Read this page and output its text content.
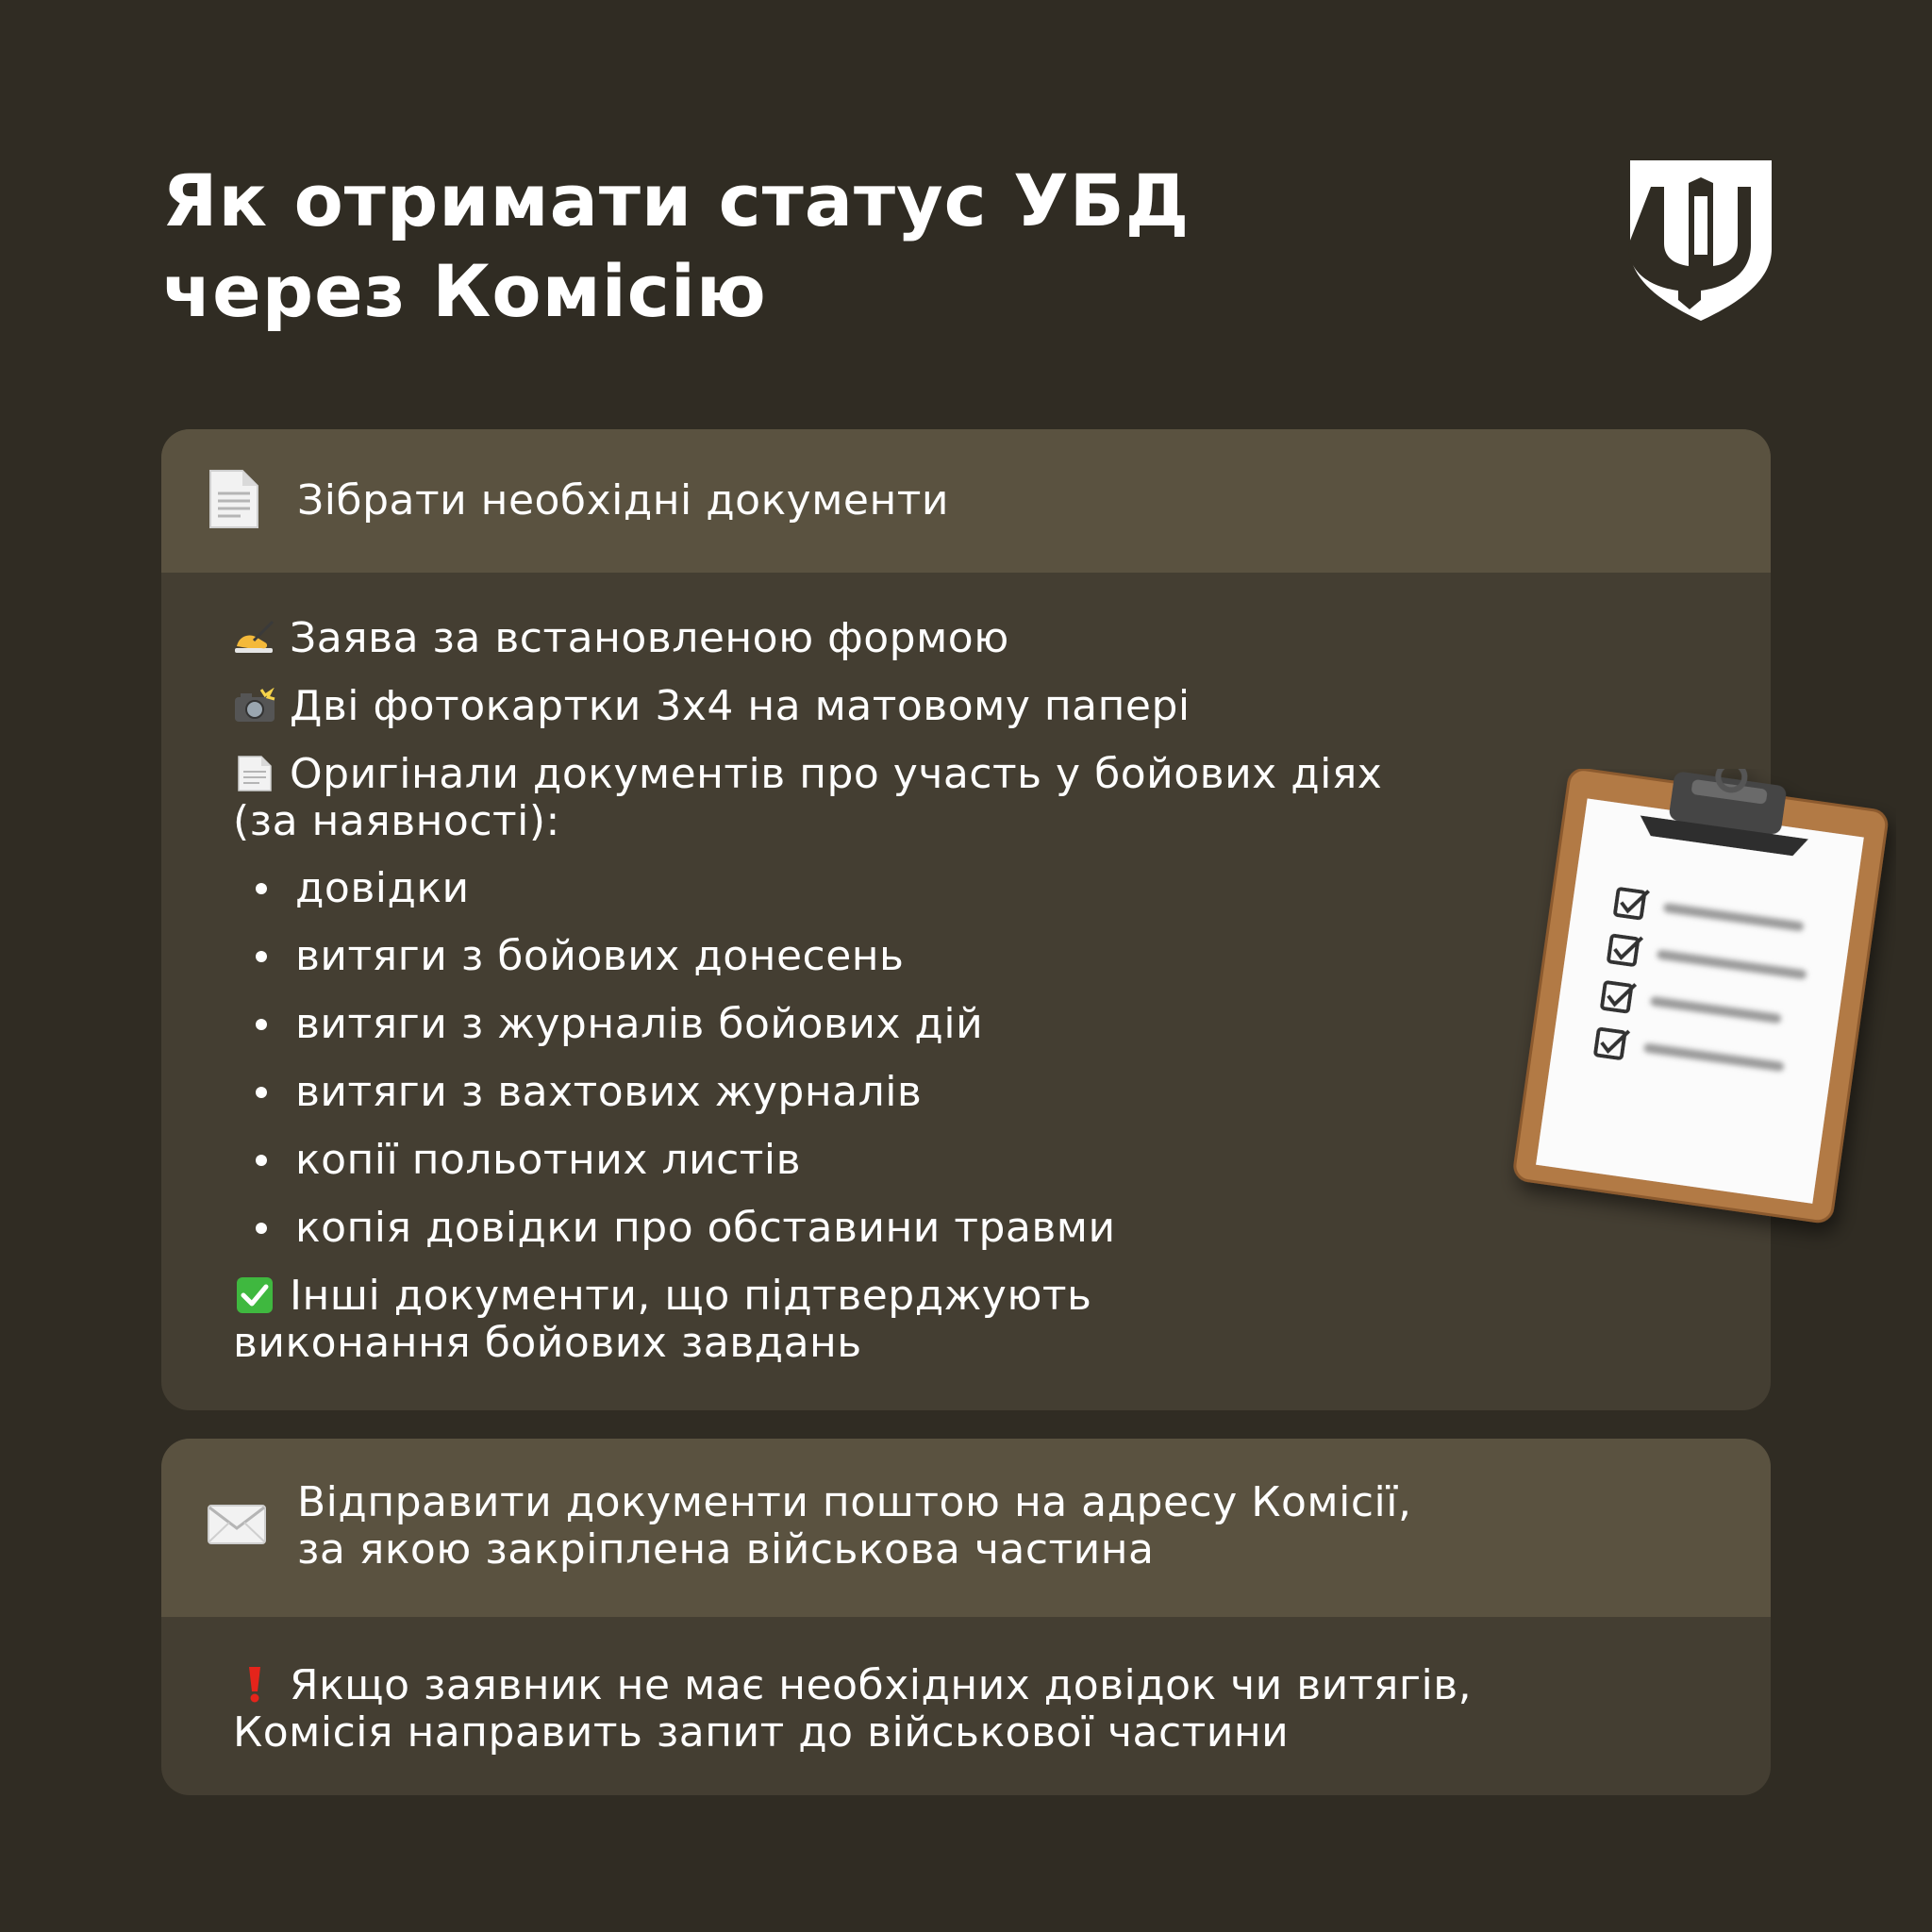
Як отримати статус УБД
через Комісію
Зібрати необхідні документи
Заява за встановленою формою
Дві фотокартки 3х4 на матовому папері
Оригінали документів про участь у бойових діях
(за наявності):
довідки
витяги з бойових донесень
витяги з журналів бойових дій
витяги з вахтових журналів
копії польотних листів
копія довідки про обставини травми
Інші документи, що підтверджують
виконання бойових завдань
Відправити документи поштою на адресу Комісії,
за якою закріплена військова частина
Якщо заявник не має необхідних довідок чи витягів,
Комісія направить запит до військової частини
